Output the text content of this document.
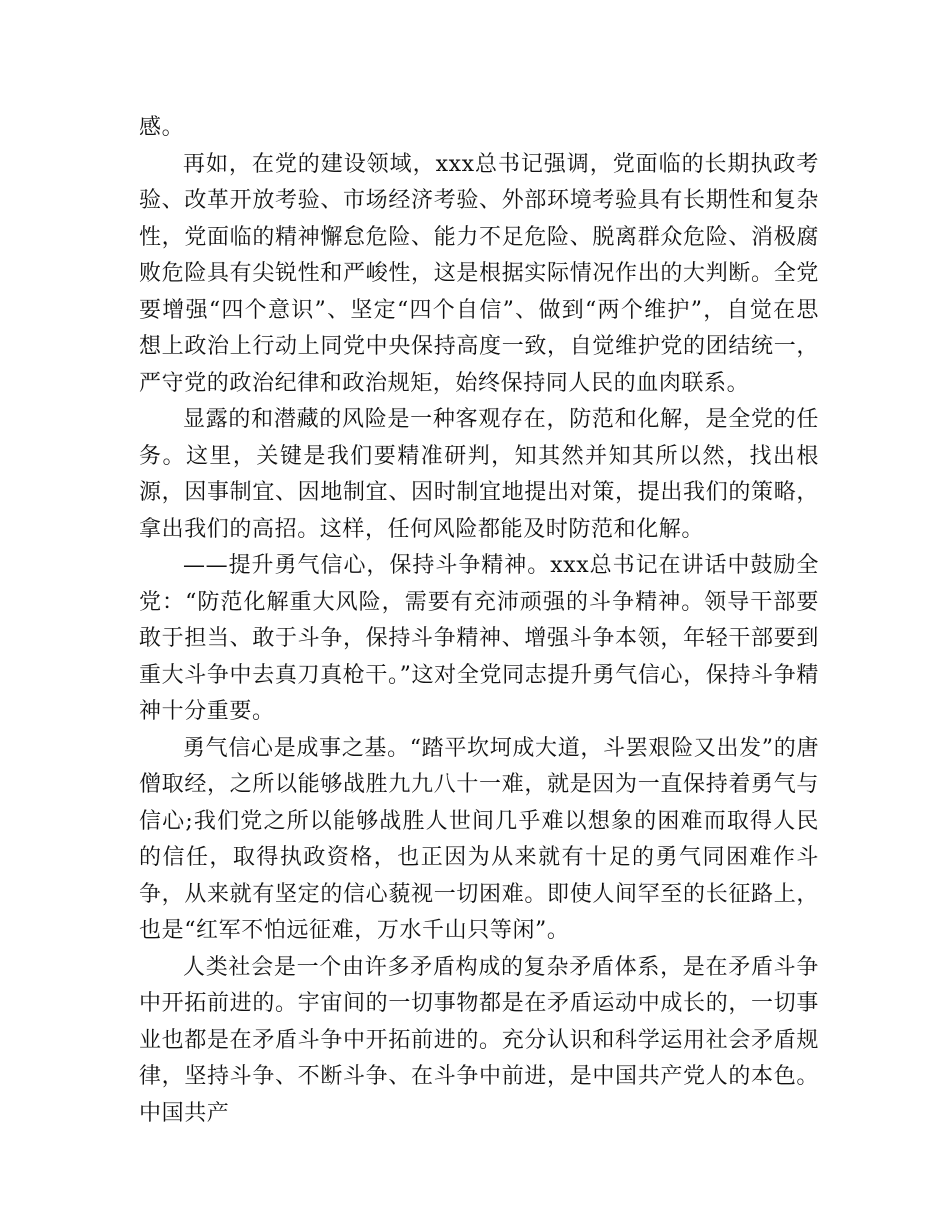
感。

再如，在党的建设领域，xxx总书记强调，党面临的长期执政考验、改革开放考验、市场经济考验、外部环境考验具有长期性和复杂性，党面临的精神懈怠危险、能力不足危险、脱离群众危险、消极腐败危险具有尖锐性和严峻性，这是根据实际情况作出的大判断。全党要增强“四个意识”、坚定“四个自信”、做到“两个维护”，自觉在思想上政治上行动上同党中央保持高度一致，自觉维护党的团结统一，严守党的政治纪律和政治规矩，始终保持同人民的血肉联系。

显露的和潜藏的风险是一种客观存在，防范和化解，是全党的任务。这里，关键是我们要精准研判，知其然并知其所以然，找出根源，因事制宜、因地制宜、因时制宜地提出对策，提出我们的策略，拿出我们的高招。这样，任何风险都能及时防范和化解。

——提升勇气信心，保持斗争精神。xxx总书记在讲话中鼓励全党：“防范化解重大风险，需要有充沛顽强的斗争精神。领导干部要敢于担当、敢于斗争，保持斗争精神、增强斗争本领，年轻干部要到重大斗争中去真刀真枪干。”这对全党同志提升勇气信心，保持斗争精神十分重要。

勇气信心是成事之基。“踏平坎坷成大道，斗罢艰险又出发”的唐僧取经，之所以能够战胜九九八十一难，就是因为一直保持着勇气与信心;我们党之所以能够战胜人世间几乎难以想象的困难而取得人民的信任，取得执政资格，也正因为从来就有十足的勇气同困难作斗争，从来就有坚定的信心藐视一切困难。即使人间罕至的长征路上，也是“红军不怕远征难，万水千山只等闲”。

人类社会是一个由许多矛盾构成的复杂矛盾体系，是在矛盾斗争中开拓前进的。宇宙间的一切事物都是在矛盾运动中成长的，一切事业也都是在矛盾斗争中开拓前进的。充分认识和科学运用社会矛盾规律，坚持斗争、不断斗争、在斗争中前进，是中国共产党人的本色。中国共产
